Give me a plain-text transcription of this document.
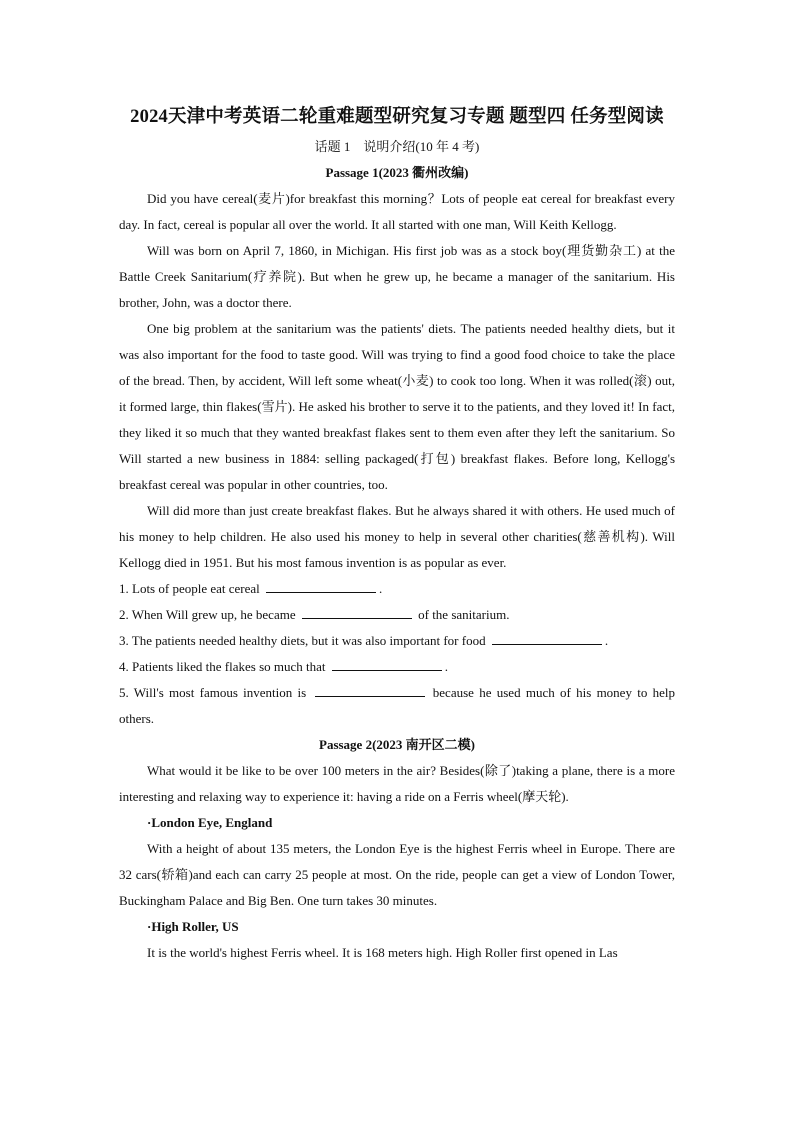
2024天津中考英语二轮重难题型研究复习专题 题型四 任务型阅读
话题 1　说明介绍(10 年 4 考)
Passage 1(2023 衢州改编)

Did you have cereal(麦片)for breakfast this morning？Lots of people eat cereal for breakfast every day. In fact, cereal is popular all over the world. It all started with one man, Will Keith Kellogg.

Will was born on April 7, 1860, in Michigan. His first job was as a stock boy(理货勤杂工) at the Battle Creek Sanitarium(疗养院). But when he grew up, he became a manager of the sanitarium. His brother, John, was a doctor there.

One big problem at the sanitarium was the patients' diets. The patients needed healthy diets, but it was also important for the food to taste good. Will was trying to find a good food choice to take the place of the bread. Then, by accident, Will left some wheat(小麦) to cook too long. When it was rolled(滚) out, it formed large, thin flakes(雪片). He asked his brother to serve it to the patients, and they loved it! In fact, they liked it so much that they wanted breakfast flakes sent to them even after they left the sanitarium. So Will started a new business in 1884: selling packaged(打包) breakfast flakes. Before long, Kellogg's breakfast cereal was popular in other countries, too.

Will did more than just create breakfast flakes. But he always shared it with others. He used much of his money to help children. He also used his money to help in several other charities(慈善机构). Will Kellogg died in 1951. But his most famous invention is as popular as ever.

1. Lots of people eat cereal	.

2. When Will grew up, he became	of the sanitarium.

3. The patients needed healthy diets, but it was also important for food	.

4. Patients liked the flakes so much that	.

5. Will's most famous invention is	because he used much of his money to help others.

Passage 2(2023 南开区二模)

What would it be like to be over 100 meters in the air? Besides(除了)taking a plane, there is a more interesting and relaxing way to experience it: having a ride on a Ferris wheel(摩天轮).

·London Eye, England

With a height of about 135 meters, the London Eye is the highest Ferris wheel in Europe. There are 32 cars(轿箱)and each can carry 25 people at most. On the ride, people can get a view of London Tower, Buckingham Palace and Big Ben. One turn takes 30 minutes.

·High Roller, US

It is the world's highest Ferris wheel. It is 168 meters high. High Roller first opened in Las
